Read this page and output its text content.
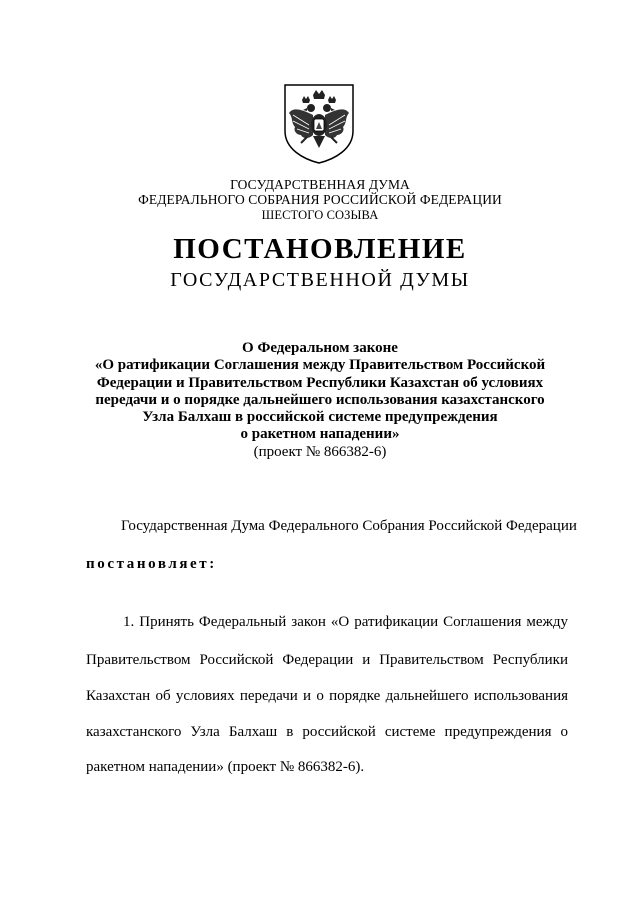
ГОСУДАРСТВЕННАЯ ДУМА
ФЕДЕРАЛЬНОГО СОБРАНИЯ РОССИЙСКОЙ ФЕДЕРАЦИИ
ШЕСТОГО СОЗЫВА
ПОСТАНОВЛЕНИЕ
ГОСУДАРСТВЕННОЙ ДУМЫ
О Федеральном законе
«О ратификации Соглашения между Правительством Российской
Федерации и Правительством Республики Казахстан об условиях
передачи и о порядке дальнейшего использования казахстанского
Узла Балхаш в российской системе предупреждения
о ракетном нападении»
(проект № 866382-6)
Государственная Дума Федерального Собрания Российской Федерации
постановляет:
1. Принять Федеральный закон «О ратификации Соглашения между
Правительством Российской Федерации и Правительством Республики
Казахстан об условиях передачи и о порядке дальнейшего использования
казахстанского Узла Балхаш в российской системе предупреждения о
ракетном нападении» (проект № 866382-6).
